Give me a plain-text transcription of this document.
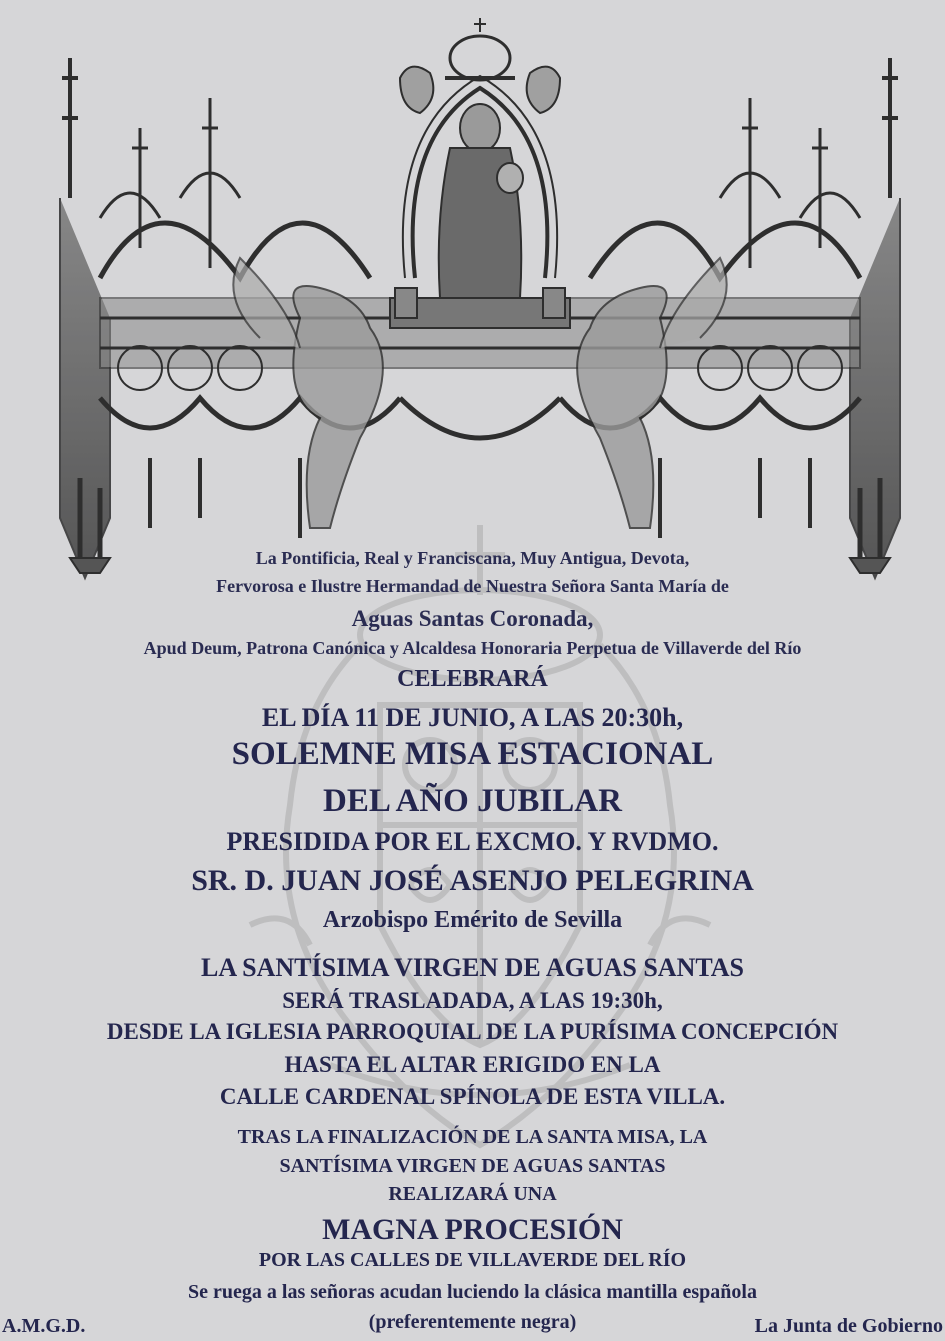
La Pontificia, Real y Franciscana, Muy Antigua, Devota,
Fervorosa e Ilustre Hermandad de Nuestra Señora Santa María de
Aguas Santas Coronada,
Apud Deum, Patrona Canónica y Alcaldesa Honoraria Perpetua de Villaverde del Río
CELEBRARÁ
EL DÍA 11 DE JUNIO, A LAS 20:30h,
SOLEMNE MISA ESTACIONAL
DEL AÑO JUBILAR
PRESIDIDA POR EL EXCMO. Y RVDMO.
SR. D. JUAN JOSÉ ASENJO PELEGRINA
Arzobispo Emérito de Sevilla
LA SANTÍSIMA VIRGEN DE AGUAS SANTAS
SERÁ TRASLADADA, A LAS 19:30h,
DESDE LA IGLESIA PARROQUIAL DE LA PURÍSIMA CONCEPCIÓN
HASTA EL ALTAR ERIGIDO EN LA
CALLE CARDENAL SPÍNOLA DE ESTA VILLA.
TRAS LA FINALIZACIÓN DE LA SANTA MISA, LA
SANTÍSIMA VIRGEN DE AGUAS SANTAS
REALIZARÁ UNA
MAGNA PROCESIÓN
POR LAS CALLES DE VILLAVERDE DEL RÍO
Se ruega a las señoras acudan luciendo la clásica mantilla española
(preferentemente negra)
A.M.G.D.	La Junta de Gobierno
